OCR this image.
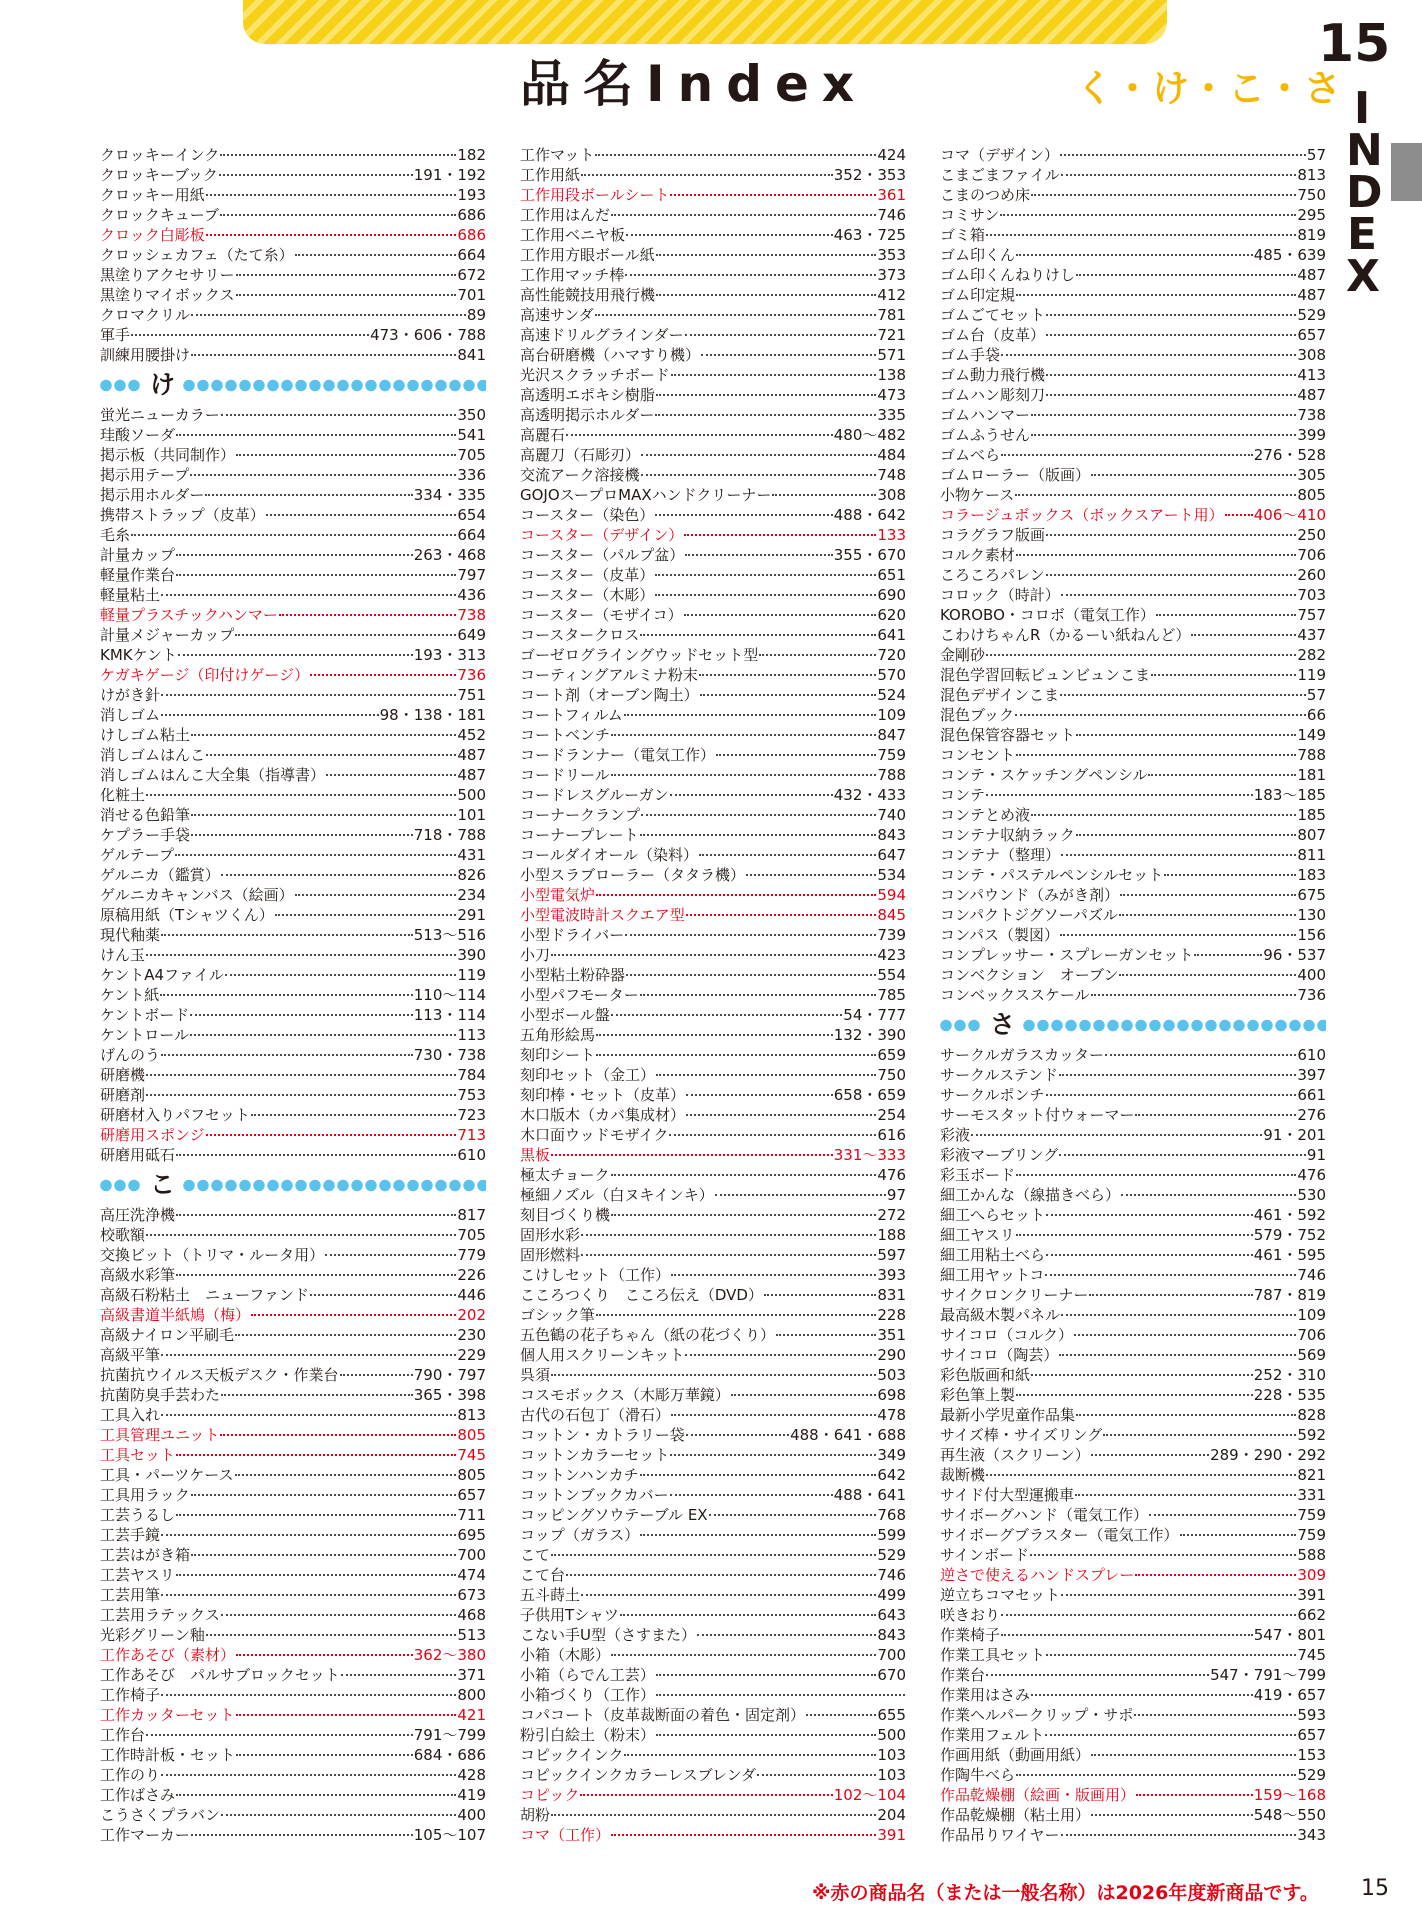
品名Index	く・け・こ・さ
15
I
N
D
E
X
クロッキーインク	182
クロッキーブック	191・192
クロッキー用紙	193
クロックキューブ	686
クロック白彫板	686
クロッシェカフェ（たて糸）	664
黒塗りアクセサリー	672
黒塗りマイボックス	701
クロマクリル	89
軍手	473・606・788
訓練用腰掛け	841
け
蛍光ニューカラー	350
珪酸ソーダ	541
掲示板（共同制作）	705
掲示用テープ	336
掲示用ホルダー	334・335
携帯ストラップ（皮革）	654
毛糸	664
計量カップ	263・468
軽量作業台	797
軽量粘土	436
軽量プラスチックハンマー	738
計量メジャーカップ	649
KMKケント	193・313
ケガキゲージ（印付けゲージ）	736
けがき針	751
消しゴム	98・138・181
けしゴム粘土	452
消しゴムはんこ	487
消しゴムはんこ大全集（指導書）	487
化粧土	500
消せる色鉛筆	101
ケプラー手袋	718・788
ゲルテープ	431
ゲルニカ（鑑賞）	826
ゲルニカキャンバス（絵画）	234
原稿用紙（Tシャツくん）	291
現代釉薬	513〜516
けん玉	390
ケントA4ファイル	119
ケント紙	110〜114
ケントボード	113・114
ケントロール	113
げんのう	730・738
研磨機	784
研磨剤	753
研磨材入りパフセット	723
研磨用スポンジ	713
研磨用砥石	610
こ
高圧洗浄機	817
校歌額	705
交換ビット（トリマ・ルータ用）	779
高級水彩筆	226
高級石粉粘土　ニューファンド	446
高級書道半紙鳩（梅）	202
高級ナイロン平刷毛	230
高級平筆	229
抗菌抗ウイルス天板デスク・作業台	790・797
抗菌防臭手芸わた	365・398
工具入れ	813
工具管理ユニット	805
工具セット	745
工具・パーツケース	805
工具用ラック	657
工芸うるし	711
工芸手鏡	695
工芸はがき箱	700
工芸ヤスリ	474
工芸用筆	673
工芸用ラテックス	468
光彩グリーン釉	513
工作あそび（素材）	362〜380
工作あそび　パルサブロックセット	371
工作椅子	800
工作カッターセット	421
工作台	791〜799
工作時計板・セット	684・686
工作のり	428
工作ばさみ	419
こうさくプラバン	400
工作マーカー	105〜107
工作マット	424
工作用紙	352・353
工作用段ボールシート	361
工作用はんだ	746
工作用ベニヤ板	463・725
工作用方眼ボール紙	353
工作用マッチ棒	373
高性能競技用飛行機	412
高速サンダ	781
高速ドリルグラインダー	721
高台研磨機（ハマすり機）	571
光沢スクラッチボード	138
高透明エポキシ樹脂	473
高透明掲示ホルダー	335
高麗石	480〜482
高麗刀（石彫刃）	484
交流アーク溶接機	748
GOJOスープロMAXハンドクリーナー	308
コースター（染色）	488・642
コースター（デザイン）	133
コースター（パルプ盆）	355・670
コースター（皮革）	651
コースター（木彫）	690
コースター（モザイコ）	620
コースタークロス	641
ゴーゼログライングウッドセット型	720
コーティングアルミナ粉末	570
コート剤（オーブン陶土）	524
コートフィルム	109
コートベンチ	847
コードランナー（電気工作）	759
コードリール	788
コードレスグルーガン	432・433
コーナークランプ	740
コーナープレート	843
コールダイオール（染料）	647
小型スラブローラー（タタラ機）	534
小型電気炉	594
小型電波時計スクエア型	845
小型ドライバー	739
小刀	423
小型粘土粉砕器	554
小型パフモーター	785
小型ボール盤	54・777
五角形絵馬	132・390
刻印シート	659
刻印セット（金工）	750
刻印棒・セット（皮革）	658・659
木口版木（カバ集成材）	254
木口面ウッドモザイク	616
黒板	331〜333
極太チョーク	476
極細ノズル（白ヌキインキ）	97
刻目づくり機	272
固形水彩	188
固形燃料	597
こけしセット（工作）	393
こころつくり　こころ伝え（DVD）	831
ゴシック筆	228
五色鶴の花子ちゃん（紙の花づくり）	351
個人用スクリーンキット	290
呉須	503
コスモボックス（木彫万華鏡）	698
古代の石包丁（滑石）	478
コットン・カトラリー袋	488・641・688
コットンカラーセット	349
コットンハンカチ	642
コットンブックカバー	488・641
コッピングソウテーブル EX	768
コップ（ガラス）	599
こて	529
こて台	746
五斗蒔土	499
子供用Tシャツ	643
こない手U型（さすまた）	843
小箱（木彫）	700
小箱（らでん工芸）	670
小箱づくり（工作）
コパコート（皮革裁断面の着色・固定剤）	655
粉引白絵土（粉末）	500
コピックインク	103
コピックインクカラーレスブレンダ	103
コピック	102〜104
胡粉	204
コマ（工作）	391
コマ（デザイン）	57
こまごまファイル	813
こまのつめ床	750
コミサン	295
ゴミ箱	819
ゴム印くん	485・639
ゴム印くんねりけし	487
ゴム印定規	487
ゴムごてセット	529
ゴム台（皮革）	657
ゴム手袋	308
ゴム動力飛行機	413
ゴムハン彫刻刀	487
ゴムハンマー	738
ゴムふうせん	399
ゴムべら	276・528
ゴムローラー（版画）	305
小物ケース	805
コラージュボックス（ボックスアート用） 406〜410
コラグラフ版画	250
コルク素材	706
ころころパレン	260
コロック（時計）	703
KOROBO・コロボ（電気工作）	757
こわけちゃんR（かるーい紙ねんど）	437
金剛砂	282
混色学習回転ビュンビュンこま	119
混色デザインこま	57
混色ブック	66
混色保管容器セット	149
コンセント	788
コンテ・スケッチングペンシル	181
コンテ	183〜185
コンテとめ液	185
コンテナ収納ラック	807
コンテナ（整理）	811
コンテ・パステルペンシルセット	183
コンパウンド（みがき剤）	675
コンパクトジグソーパズル	130
コンパス（製図）	156
コンプレッサー・スプレーガンセット	96・537
コンベクション　オーブン	400
コンベックススケール	736
さ
サークルガラスカッター	610
サークルステンド	397
サークルポンチ	661
サーモスタット付ウォーマー	276
彩液	91・201
彩液マーブリング	91
彩玉ボード	476
細工かんな（線描きべら）	530
細工へらセット	461・592
細工ヤスリ	579・752
細工用粘土べら	461・595
細工用ヤットコ	746
サイクロンクリーナー	787・819
最高級木製パネル	109
サイコロ（コルク）	706
サイコロ（陶芸）	569
彩色版画和紙	252・310
彩色筆上製	228・535
最新小学児童作品集	828
サイズ棒・サイズリング	592
再生液（スクリーン）	289・290・292
裁断機	821
サイド付大型運搬車	331
サイボーグハンド（電気工作）	759
サイボーグブラスター（電気工作）	759
サインボード	588
逆さで使えるハンドスプレー	309
逆立ちコマセット	391
咲きおり	662
作業椅子	547・801
作業工具セット	745
作業台	547・791〜799
作業用はさみ	419・657
作業ヘルパークリップ・サポ	593
作業用フェルト	657
作画用紙（動画用紙）	153
作陶牛べら	529
作品乾燥棚（絵画・版画用）	159〜168
作品乾燥棚（粘土用）	548〜550
作品吊りワイヤー	343
※赤の商品名（または一般名称）は2026年度新商品です。 15
